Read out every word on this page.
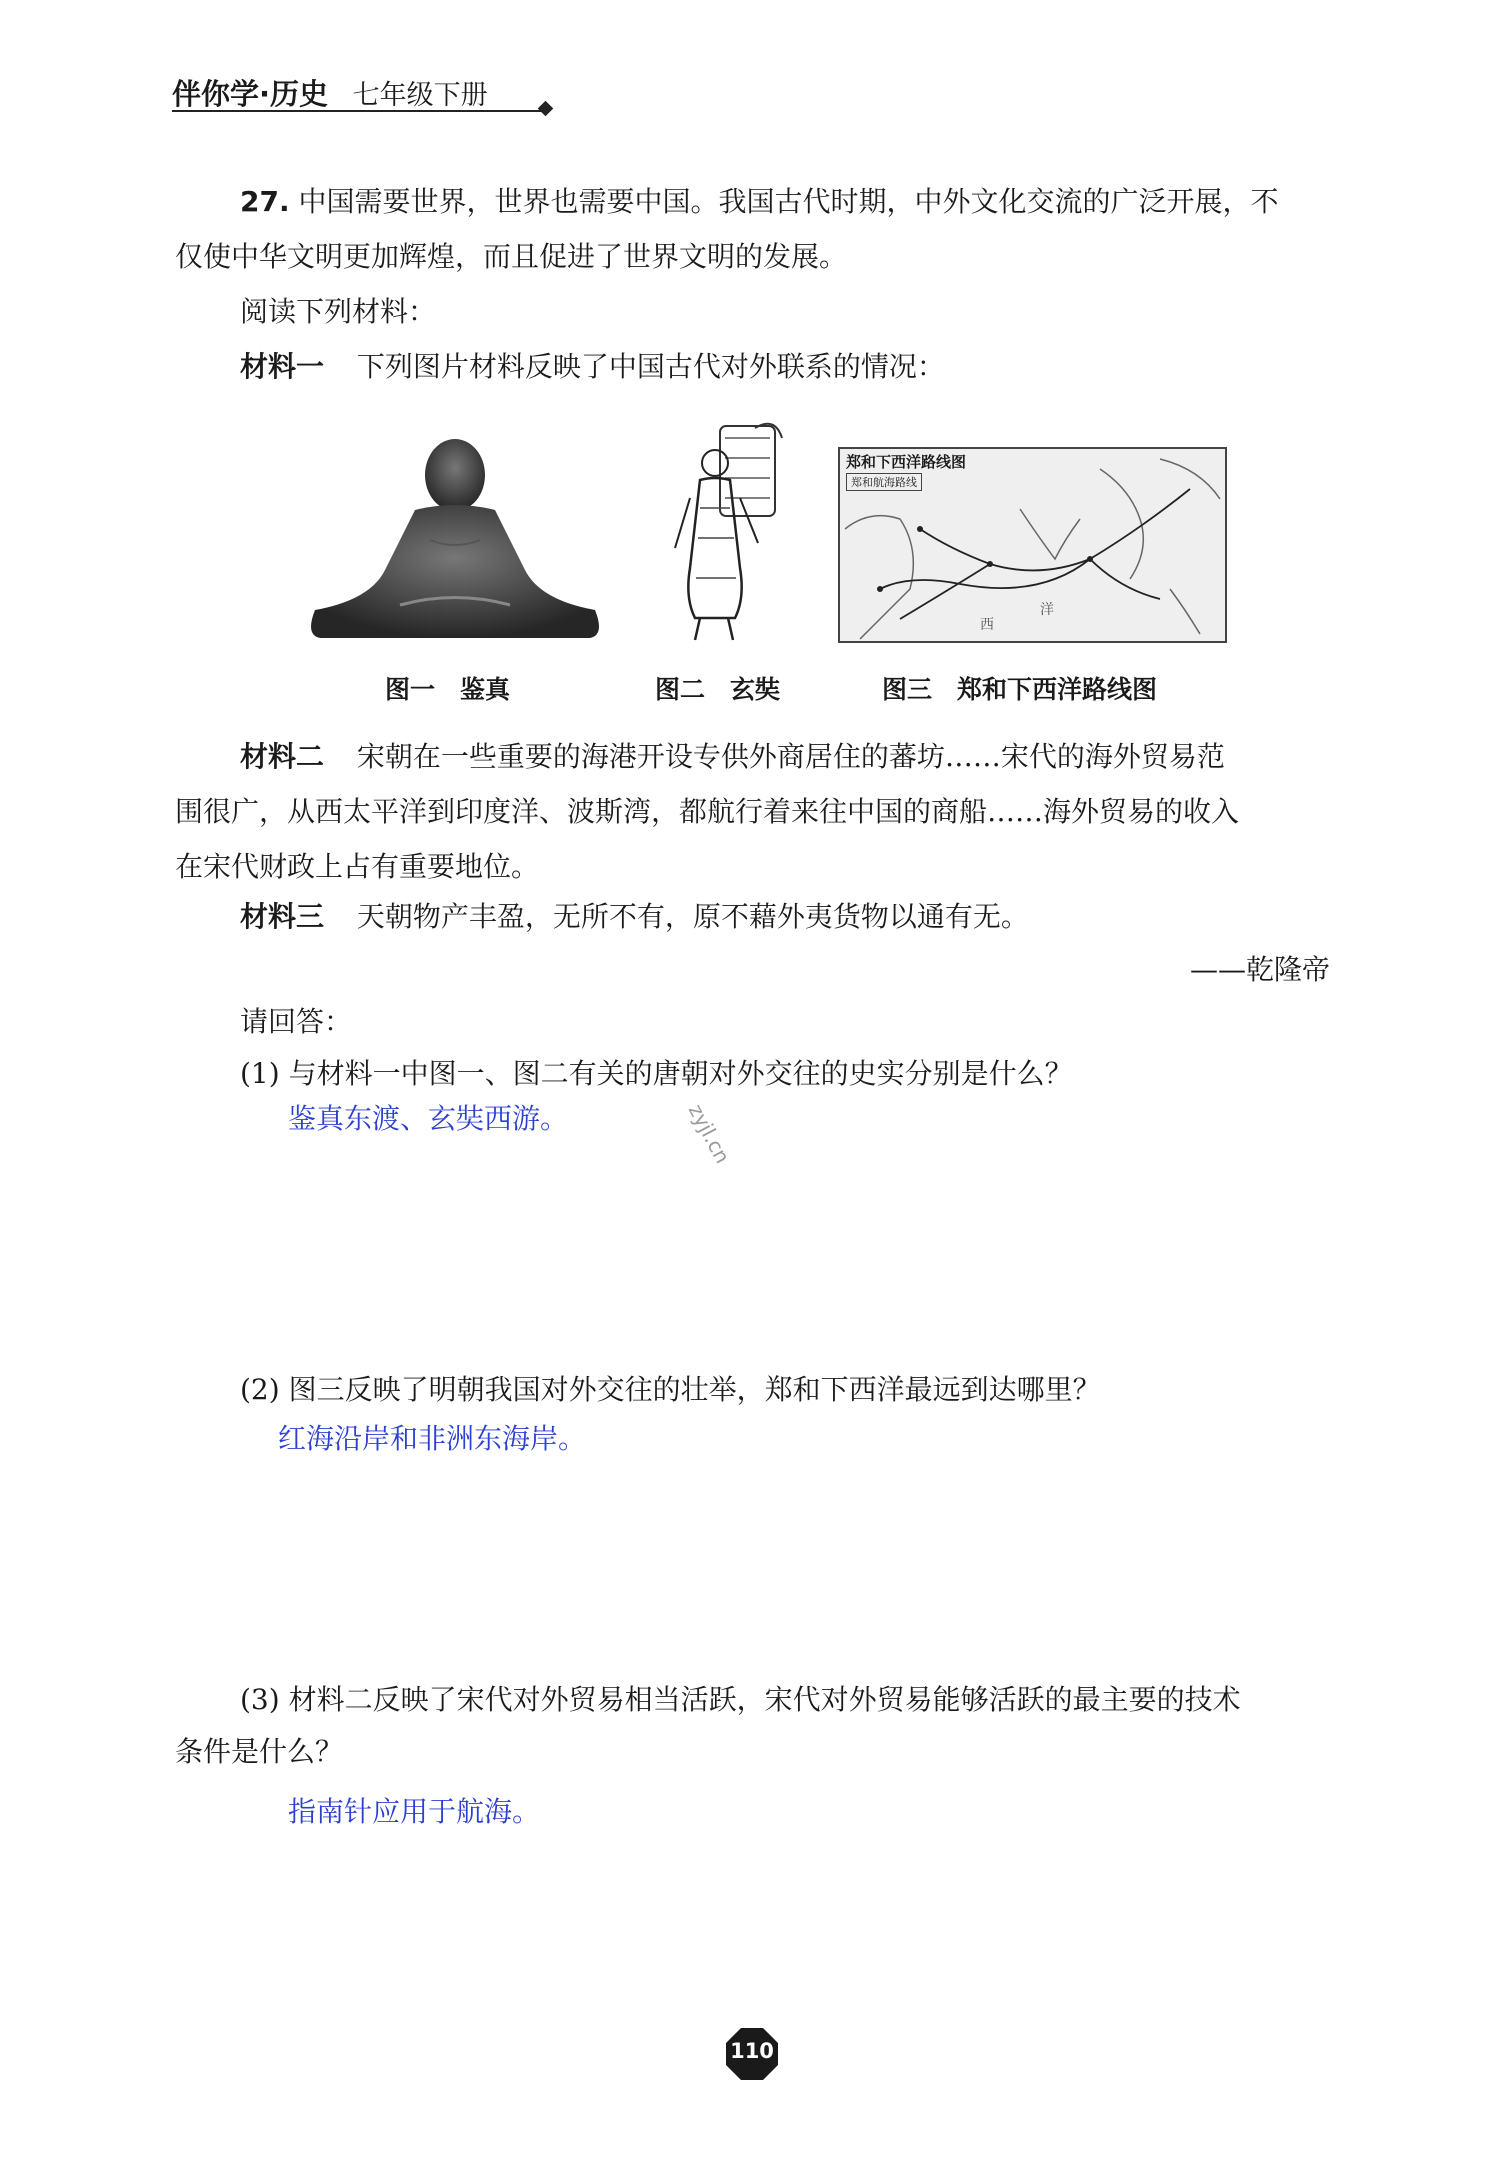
伴你学·历史 七年级下册
27. 中国需要世界，世界也需要中国。我国古代时期，中外文化交流的广泛开展，不
仅使中华文明更加辉煌，而且促进了世界文明的发展。
阅读下列材料：
材料一 下列图片材料反映了中国古代对外联系的情况：
郑和下西洋路线图
郑和航海路线
西
洋
图一　鉴真	图二　玄奘	图三　郑和下西洋路线图
材料二 宋朝在一些重要的海港开设专供外商居住的蕃坊……宋代的海外贸易范
围很广，从西太平洋到印度洋、波斯湾，都航行着来往中国的商船……海外贸易的收入
在宋代财政上占有重要地位。
材料三 天朝物产丰盈，无所不有，原不藉外夷货物以通有无。
——乾隆帝
请回答：
(1) 与材料一中图一、图二有关的唐朝对外交往的史实分别是什么？
鉴真东渡、玄奘西游。	zyjl.cn
(2) 图三反映了明朝我国对外交往的壮举，郑和下西洋最远到达哪里？
红海沿岸和非洲东海岸。
(3) 材料二反映了宋代对外贸易相当活跃，宋代对外贸易能够活跃的最主要的技术
条件是什么？
指南针应用于航海。
110
